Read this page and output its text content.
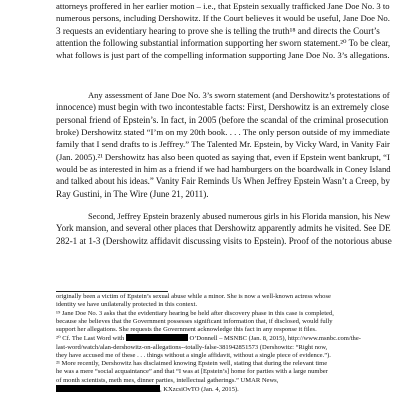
attorneys proffered in her earlier motion – i.e., that Epstein sexually trafficked Jane Doe No. 3 to

numerous persons, including Dershowitz. If the Court believes it would be useful, Jane Doe No.

3 requests an evidentiary hearing to prove she is telling the truth¹⁸ and directs the Court’s

attention the following substantial information supporting her sworn statement.²⁰ To be clear,

what follows is just part of the compelling information supporting Jane Doe No. 3’s allegations.

Any assessment of Jane Doe No. 3’s sworn statement (and Dershowitz’s protestations of

innocence) must begin with two incontestable facts: First, Dershowitz is an extremely close

personal friend of Epstein’s. In fact, in 2005 (before the scandal of the criminal prosecution

broke) Dershowitz stated “I’m on my 20th book. . . . The only person outside of my immediate

family that I send drafts to is Jeffrey.” The Talented Mr. Epstein, by Vicky Ward, in Vanity Fair

(Jan. 2005).²¹ Dershowitz has also been quoted as saying that, even if Epstein went bankrupt, “I

would be as interested in him as a friend if we had hamburgers on the boardwalk in Coney Island

and talked about his ideas.” Vanity Fair Reminds Us When Jeffrey Epstein Wasn’t a Creep, by

Ray Gustini, in The Wire (June 21, 2011).

Second, Jeffrey Epstein brazenly abused numerous girls in his Florida mansion, his New

York mansion, and several other places that Dershowitz apparently admits he visited. See DE

282-1 at 1-3 (Dershowitz affidavit discussing visits to Epstein). Proof of the notorious abuse

originally been a victim of Epstein’s sexual abuse while a minor. She is now a well-known actress whose

identity we have unilaterally protected in this context.

¹⁹ Jane Doe No. 3 asks that the evidentiary hearing be held after discovery phase in this case is completed,

because she believes that the Government possesses significant information that, if disclosed, would fully

support her allegations. She requests the Government acknowledge this fact in any response it files.

²⁰ Cf. The Last Word with	O’Donnell – MSNBC (Jan. 8, 2015), http://www.msnbc.com/the-

last-word/watch/alan-dershowitz-on-allegations--totally-false-381942851573 (Dershowitz: “Right now,

they have accused me of these . . . things without a single affidavit, without a single piece of evidence.”).

²¹ More recently, Dershowitz has disclaimed knowing Epstein well, stating that during the relevant time

he was a mere “social acquaintance” and that “I was at [Epstein’s] home for parties with a large number

of month scientists, meth mes, dinner parties, intellectual gatherings.” UMAR News,

, KXzcsiOvTO (Jan. 4, 2015).
